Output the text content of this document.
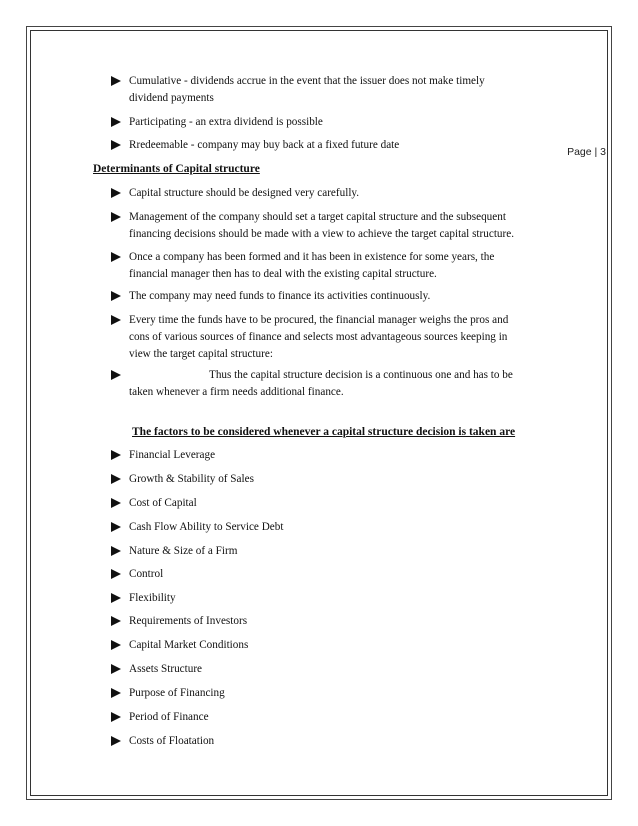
Page | 3
Cumulative - dividends accrue in the event that the issuer does not make timely
dividend payments
Participating - an extra dividend is possible
Rredeemable - company may buy back at a fixed future date
Determinants of Capital structure
Capital structure should be designed very carefully.
Management of the company should set a target capital structure and the subsequent
financing decisions should be made with a view to achieve the target capital structure.
Once a company has been formed and it has been in existence for some years, the
financial manager then has to deal with the existing capital structure.
The company may need funds to finance its activities continuously.
Every time the funds have to be procured, the financial manager weighs the pros and
cons of various sources of finance and selects most advantageous sources keeping in
view the target capital structure:
Thus the capital structure decision is a continuous one and has to be
taken whenever a firm needs additional finance.
The factors to be considered whenever a capital structure decision is taken are
Financial Leverage
Growth & Stability of Sales
Cost of Capital
Cash Flow Ability to Service Debt
Nature & Size of a Firm
Control
Flexibility
Requirements of Investors
Capital Market Conditions
Assets Structure
Purpose of Financing
Period of Finance
Costs of Floatation
